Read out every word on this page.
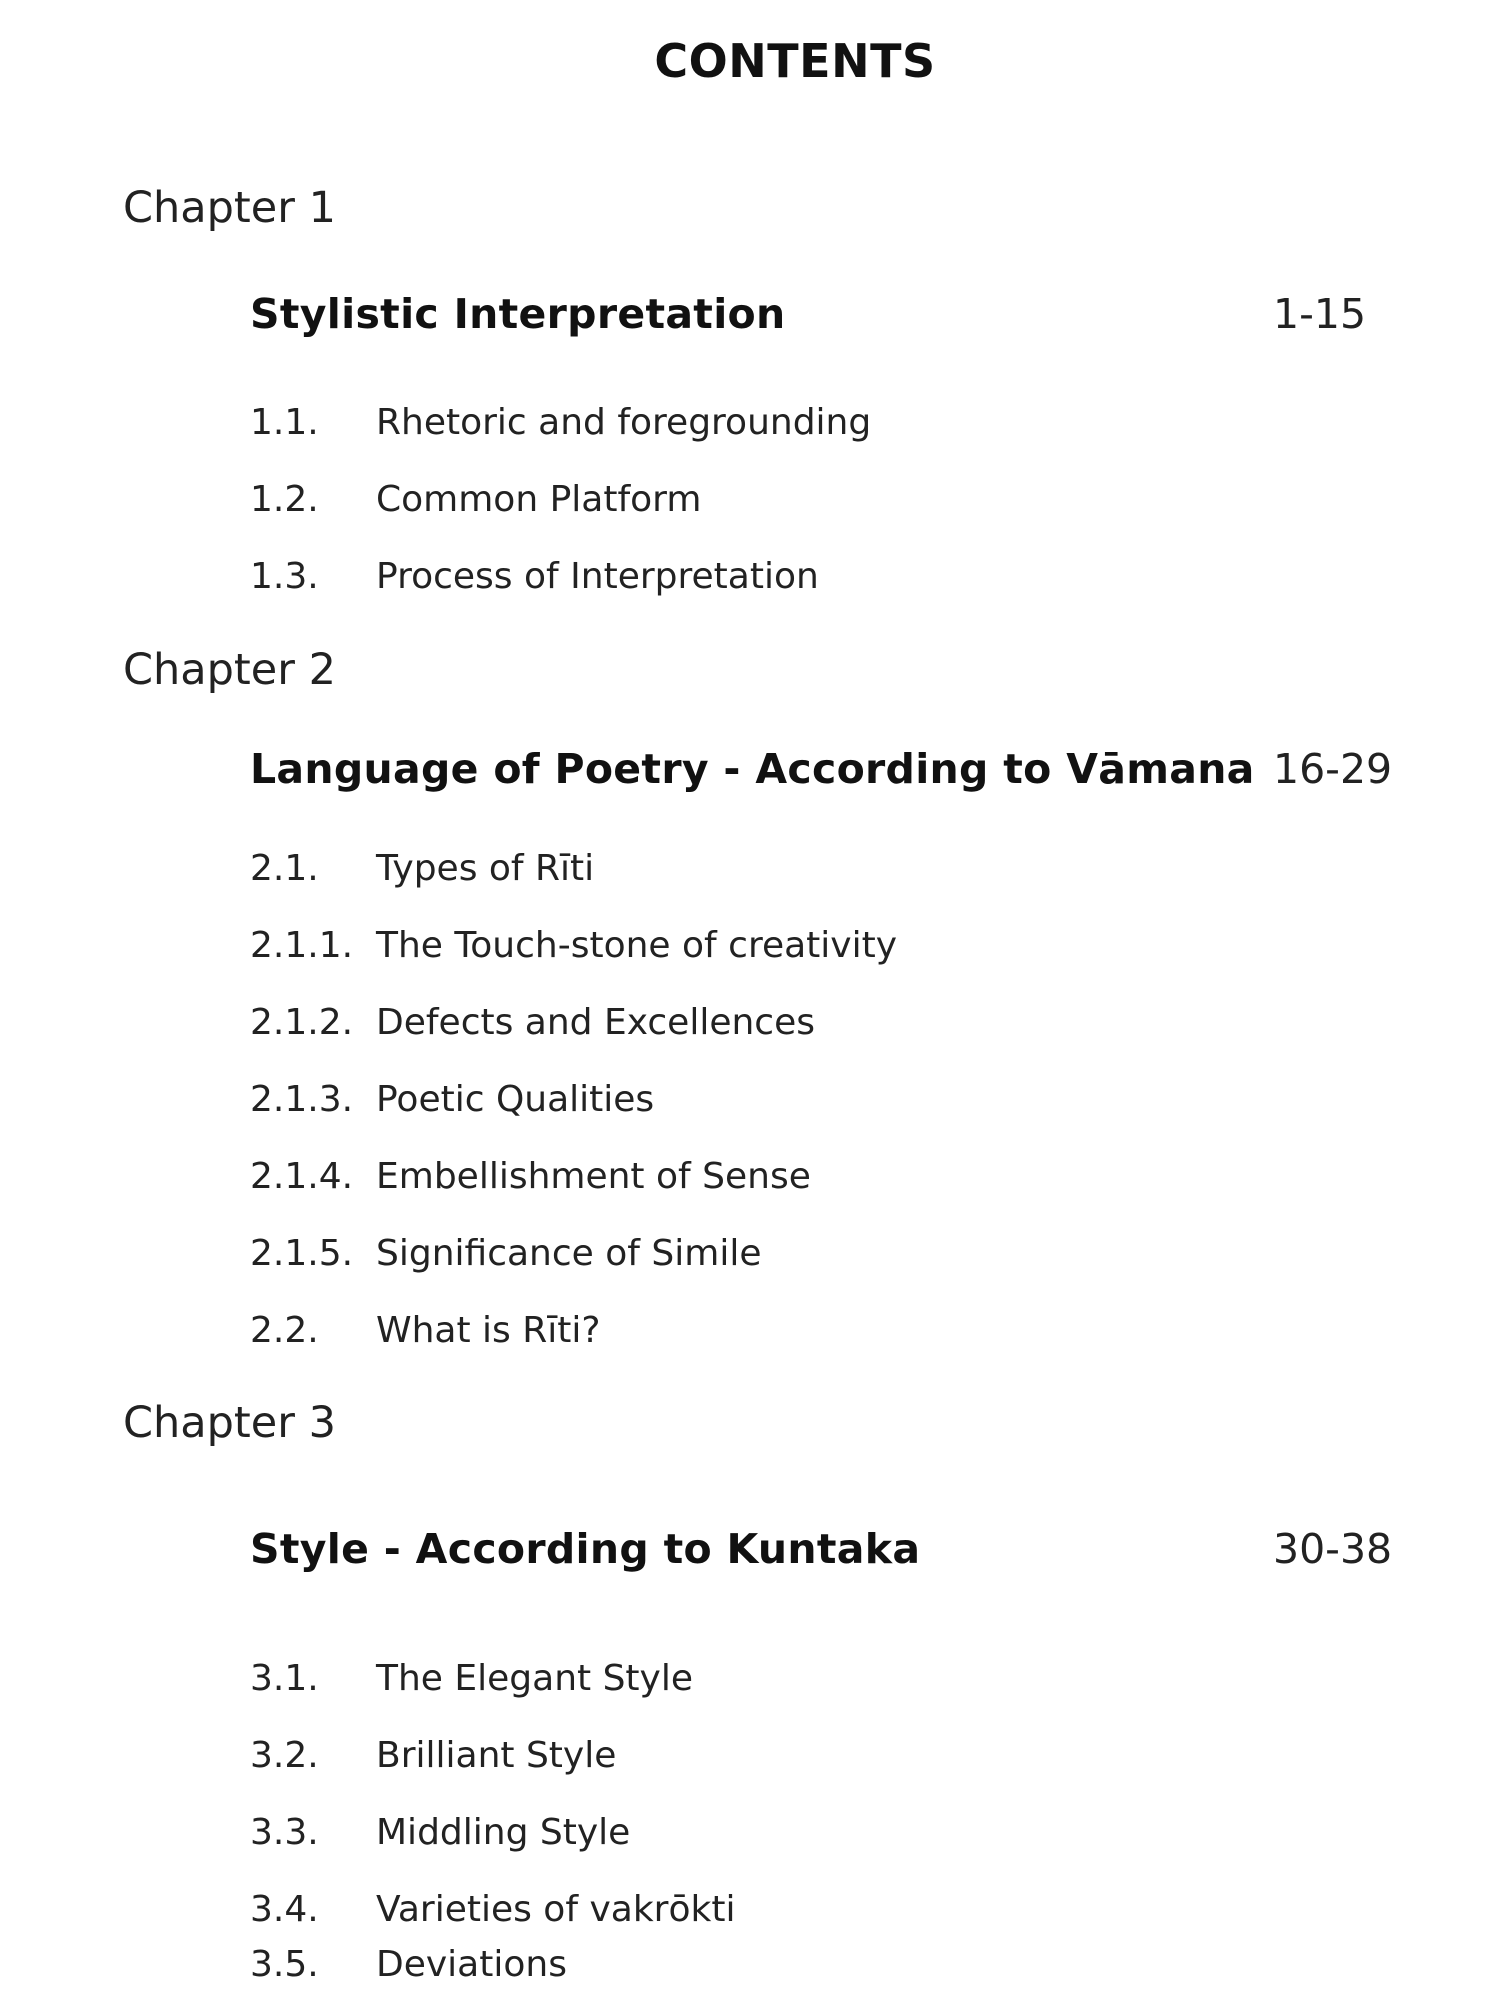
CONTENTS
Chapter 1
Stylistic Interpretation	1-15
1.1. Rhetoric and foregrounding
1.2. Common Platform
1.3. Process of Interpretation
Chapter 2
Language of Poetry - According to Vāmana 16-29
2.1. Types of Rīti
2.1.1. The Touch-stone of creativity
2.1.2. Defects and Excellences
2.1.3. Poetic Qualities
2.1.4. Embellishment of Sense
2.1.5. Significance of Simile
2.2. What is Rīti?
Chapter 3
Style - According to Kuntaka	30-38
3.1. The Elegant Style
3.2. Brilliant Style
3.3. Middling Style
3.4. Varieties of vakrōkti
3.5. Deviations
